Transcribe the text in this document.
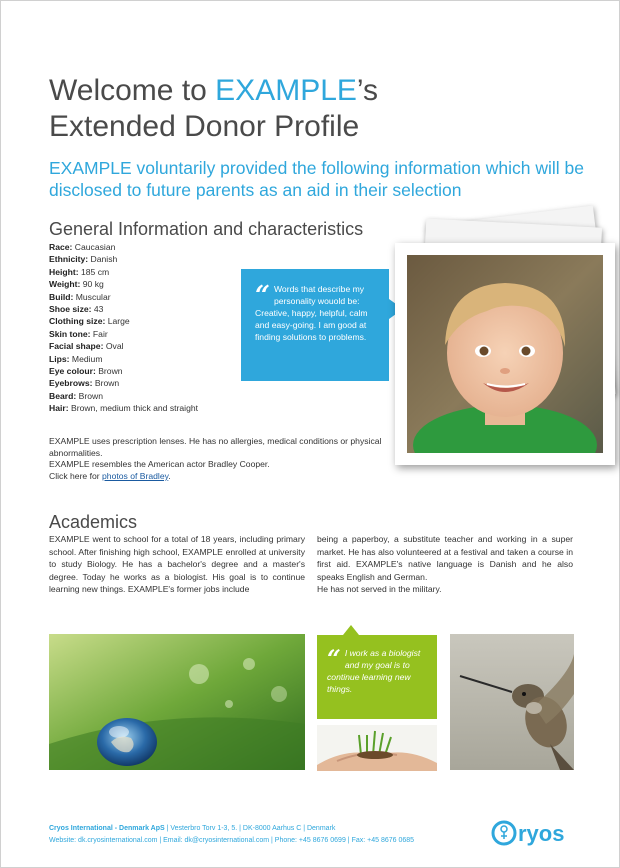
Welcome to EXAMPLE’s
Extended Donor Profile
EXAMPLE voluntarily provided the following information which will be disclosed to future parents as an aid in their selection
General Information and characteristics
Race: Caucasian
Ethnicity: Danish
Height: 185 cm
Weight: 90 kg
Build: Muscular
Shoe size: 43
Clothing size: Large
Skin tone: Fair
Facial shape: Oval
Lips: Medium
Eye colour: Brown
Eyebrows: Brown
Beard: Brown
Hair: Brown, medium thick and straight
“ Words that describe my personality wouold be: Creative, happy, helpful, calm and easy-going. I am good at finding solutions to problems.
EXAMPLE uses prescription lenses. He has no allergies, medical conditions or physical abnormalities.
EXAMPLE resembles the American actor Bradley Cooper.
Click here for photos of Bradley.
Academics
EXAMPLE went to school for a total of 18 years, including primary school. After finishing high school, EXAMPLE enrolled at university to study Biology. He has a bachelor's degree and a master's degree. Today he works as a biologist. His goal is to continue learning new things. EXAMPLE's former jobs include
being a paperboy, a substitute teacher and working in a super market. He has also volunteered at a festival and taken a course in first aid. EXAMPLE's native language is Danish and he also speaks English and German.
He has not served in the military.
“ I work as a biologist and my goal is to continue learning new things.
Cryos International - Denmark ApS | Vesterbro Torv 1-3, 5. | DK-8000 Aarhus C | Denmark
Website: dk.cryosinternational.com | Email: dk@cryosinternational.com | Phone: +45 8676 0699 | Fax: +45 8676 0685	ryos
